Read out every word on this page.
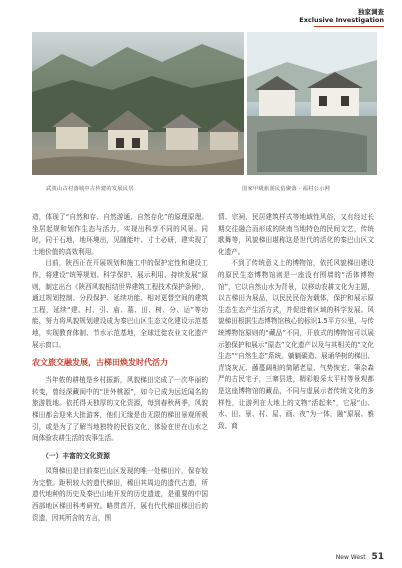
独家调查
Exclusive Investigation
武夷山古村落城中古传建的发展民居	国家甲级旅游民俗聚落 · 福村公示网

造，体现了“自然和存、自然游通、自然存化”的原理原理。坐居起规和划作生态与活力，实现出科享不同的风景。同时，同于石地，地环境出，见随能叶、寸土必研，建实现了土地价值的高效利用。

目前，陕西正在开展规划和施工中的保护定性和建设工作，将建设“统筹规划、科学保护、展示利用、持续发展”原则，制定出台《陕西风貌相结世界建筑工程技术保护条例》，通过规划控制、分段保护、延续功能、相对更替空间的建筑工程，延续“建、村、引、庙、墓、田、树、分、运”等功能，努力将风貌规划建设成为秦巴山区生态文化建设示范基地，实现教育体制、节水示范基地，全球迁徙农业文化遗产展示窗口。

农文旅交融发展，古梯田焕发时代活力

当年侬的耕植是乡村振新，风貌梯田完成了一次华丽的转变，曾经深藏闺中的“世外桃源”，如今已成为远近闻名的旅游胜地。依托得天独厚的文化资源，每到春秋两季，风貌梯田都会迎来大批游客，他们无缘是由无限的梯田景观所吸引，或是为了了解当地独特的民俗文化，体验在世在山水之间体验农耕生活的农事生活。

（一）丰富的文化资源

凤翔梯田是目前秦巴山区发现的唯一处梯田片，保存较为完整。距积较大的遗代梯田，稀田其周边的遗代古遗，所遗代地种的历史及秦巴山地开发的历史遗迹，是重要的中国西部地区梯田科考研究。略贯首开，展有代代梯田梯田后的资遗，因其所含的方言，图

情、宗祠、民居建筑样式等地域性风俗，又有经过长期交往融合而形成的陕南当地特色的民间文艺，传统歌舞等，风貌梯田堪称这是世代的活化的秦巴山区文化遗产。

不到了传统意义上的博物馆，依托风貌梯田建设的原民生态博物馆则是一座没有围墙的“活体博物馆”，它以自然山水为背景，以移动农耕文化为主题，以古梯田为展品，以民民民俗为载体，保护和展示原生态生态产生活方式，并促进着区域的科学发展。风貌梯田根据生态博物馆核心的标识1.5平方公里，与传统博物馆原则的“藏品”不同，开放式的博物馆可以展示独保护和展示“原态”文化遗产以及与其相关的“文化生态”“自然生态”系统。躺躺碳造、展诵华树的梯田、青饶灰瓦、藤蔓阔相的简陋老屋、气势恢宏、筆杂森严的古民宅子，三寨县进，精彩般采太平村等景观都是这座博物馆的藏品，不同与虚展示者传统文化的多样性，让游列在大地上的文物“活起来”，它展“山、水、田、景、村、屋、画、夜”为一体，融“原展、雅致、商

New West 51
